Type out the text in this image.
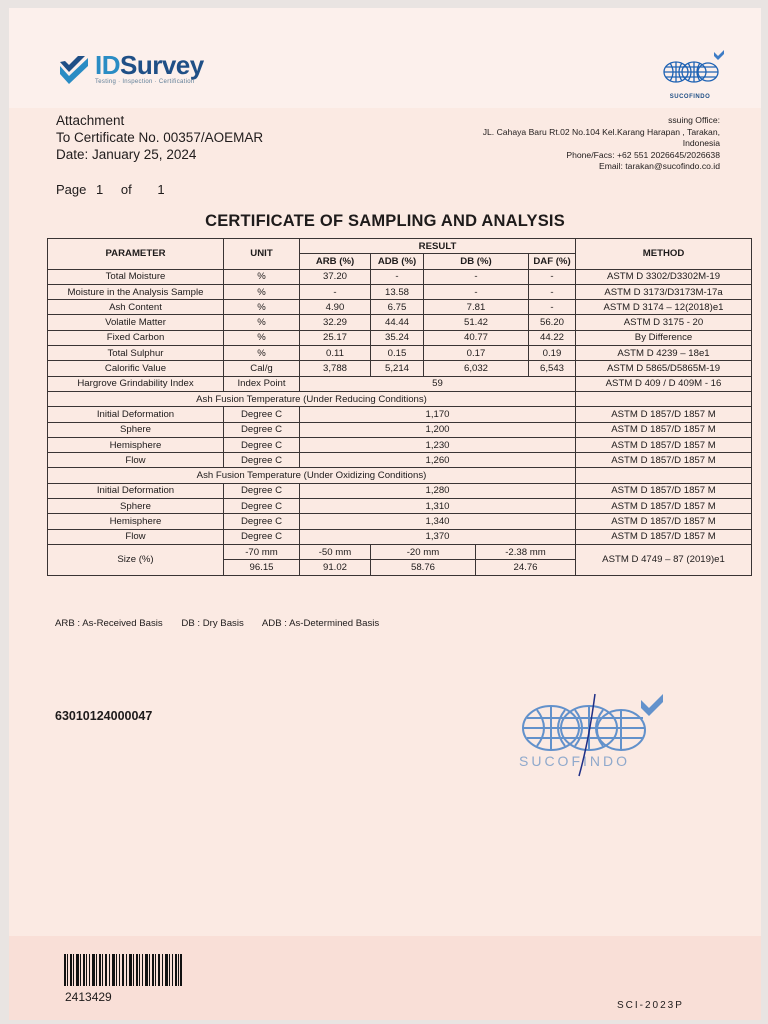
IDSurvey
Testing · Inspection · Certification
SUCOFINDO
Attachment
To Certificate No. 00357/AOEMAR
Date: January 25, 2024
ssuing Office:
JL. Cahaya Baru Rt.02 No.104 Kel.Karang Harapan , Tarakan,
Indonesia
Phone/Facs: +62 551 2026645/2026638
Email: tarakan@sucofindo.co.id
Page 1 of 1
CERTIFICATE OF SAMPLING AND ANALYSIS
PARAMETER	UNIT	RESULT					METHOD
		ARB (%)	ADB (%)	DB (%)		DAF (%)	
Total Moisture	%	37.20	-	-		-	ASTM D 3302/D3302M-19
Moisture in the Analysis Sample	%	-	13.58	-		-	ASTM D 3173/D3173M-17a
Ash Content	%	4.90	6.75	7.81		-	ASTM D 3174 – 12(2018)e1
Volatile Matter	%	32.29	44.44	51.42		56.20	ASTM D 3175 - 20
Fixed Carbon	%	25.17	35.24	40.77		44.22	By Difference
Total Sulphur	%	0.11	0.15	0.17		0.19	ASTM D 4239 – 18e1
Calorific Value	Cal/g	3,788	5,214	6,032		6,543	ASTM D 5865/D5865M-19
Hargrove Grindability Index	Index Point	59					ASTM D 409 / D 409M - 16
Ash Fusion Temperature (Under Reducing Conditions)							
Initial Deformation	Degree C	1,170					ASTM D 1857/D 1857 M
Sphere	Degree C	1,200					ASTM D 1857/D 1857 M
Hemisphere	Degree C	1,230					ASTM D 1857/D 1857 M
Flow	Degree C	1,260					ASTM D 1857/D 1857 M
Ash Fusion Temperature (Under Oxidizing Conditions)							
Initial Deformation	Degree C	1,280					ASTM D 1857/D 1857 M
Sphere	Degree C	1,310					ASTM D 1857/D 1857 M
Hemisphere	Degree C	1,340					ASTM D 1857/D 1857 M
Flow	Degree C	1,370					ASTM D 1857/D 1857 M
Size (%)	-70 mm	-50 mm	-20 mm		-2.38 mm		ASTM D 4749 – 87 (2019)e1
	96.15	91.02	58.76		24.76		
ARB : As-Received Basis DB : Dry Basis ADB : As-Determined Basis
63010124000047
SUCOFINDO
2413429
SCI-2023P
